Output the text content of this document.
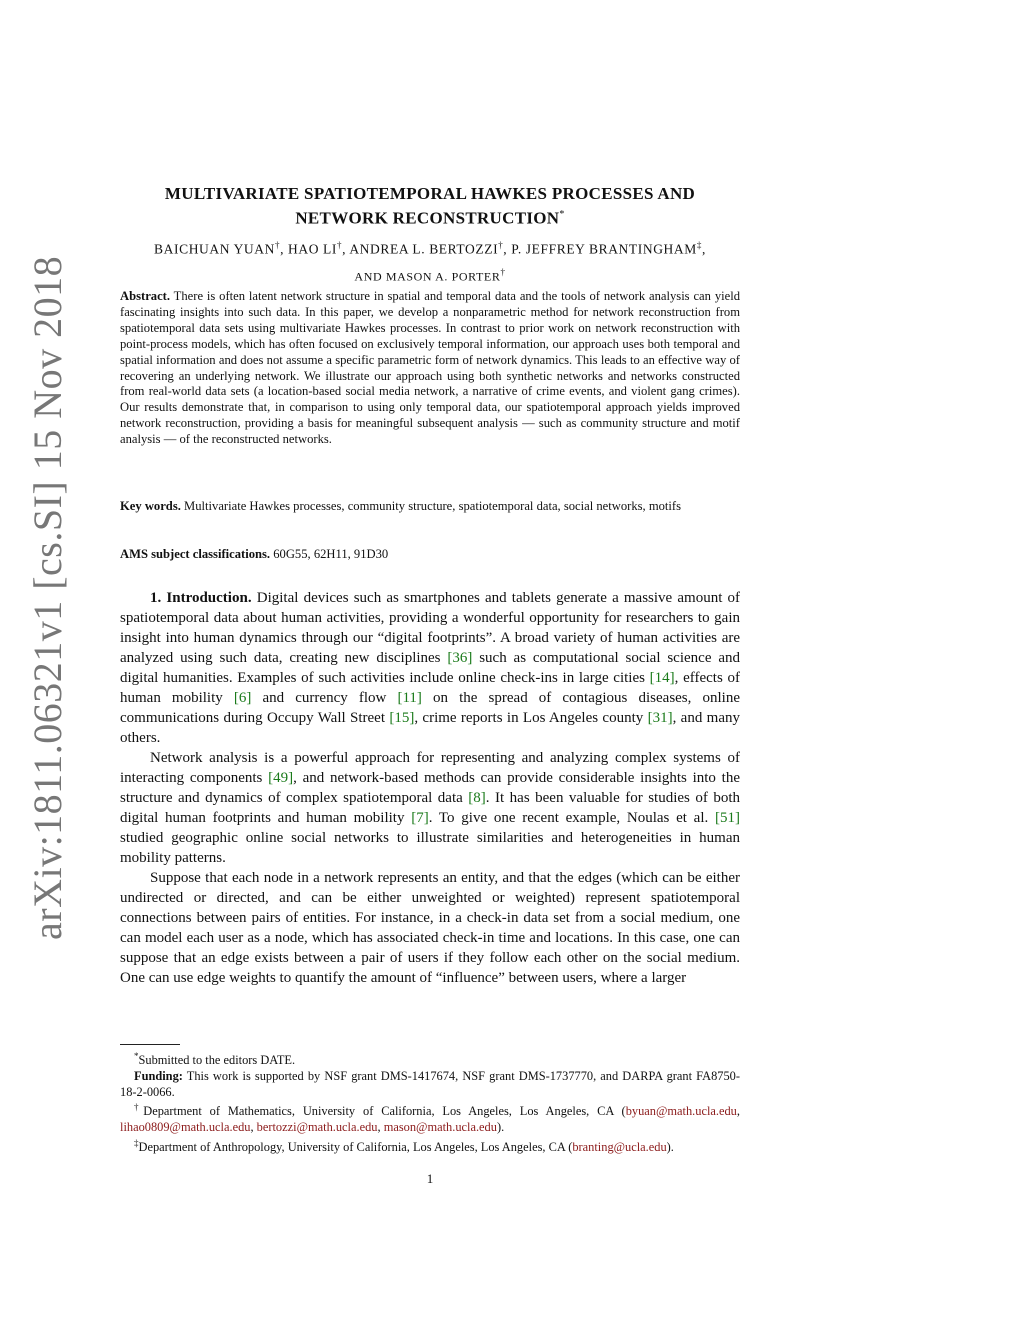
arXiv:1811.06321v1 [cs.SI] 15 Nov 2018
MULTIVARIATE SPATIOTEMPORAL HAWKES PROCESSES AND
NETWORK RECONSTRUCTION*
BAICHUAN YUAN†, HAO LI†, ANDREA L. BERTOZZI†, P. JEFFREY BRANTINGHAM‡,
AND MASON A. PORTER†
Abstract. There is often latent network structure in spatial and temporal data and the tools of network analysis can yield fascinating insights into such data. In this paper, we develop a nonparametric method for network reconstruction from spatiotemporal data sets using multivariate Hawkes processes. In contrast to prior work on network reconstruction with point-process models, which has often focused on exclusively temporal information, our approach uses both temporal and spatial information and does not assume a specific parametric form of network dynamics. This leads to an effective way of recovering an underlying network. We illustrate our approach using both synthetic networks and networks constructed from real-world data sets (a location-based social media network, a narrative of crime events, and violent gang crimes). Our results demonstrate that, in comparison to using only temporal data, our spatiotemporal approach yields improved network reconstruction, providing a basis for meaningful subsequent analysis — such as community structure and motif analysis — of the reconstructed networks.
Key words. Multivariate Hawkes processes, community structure, spatiotemporal data, social networks, motifs
AMS subject classifications. 60G55, 62H11, 91D30

1. Introduction. Digital devices such as smartphones and tablets generate a massive amount of spatiotemporal data about human activities, providing a wonderful opportunity for researchers to gain insight into human dynamics through our “digital footprints”. A broad variety of human activities are analyzed using such data, creating new disciplines [36] such as computational social science and digital humanities. Examples of such activities include online check-ins in large cities [14], effects of human mobility [6] and currency flow [11] on the spread of contagious diseases, online communications during Occupy Wall Street [15], crime reports in Los Angeles county [31], and many others.

Network analysis is a powerful approach for representing and analyzing complex systems of interacting components [49], and network-based methods can provide considerable insights into the structure and dynamics of complex spatiotemporal data [8]. It has been valuable for studies of both digital human footprints and human mobility [7]. To give one recent example, Noulas et al. [51] studied geographic online social networks to illustrate similarities and heterogeneities in human mobility patterns.

Suppose that each node in a network represents an entity, and that the edges (which can be either undirected or directed, and can be either unweighted or weighted) represent spatiotemporal connections between pairs of entities. For instance, in a check-in data set from a social medium, one can model each user as a node, which has associated check-in time and locations. In this case, one can suppose that an edge exists between a pair of users if they follow each other on the social medium. One can use edge weights to quantify the amount of “influence” between users, where a larger

*Submitted to the editors DATE.

Funding: This work is supported by NSF grant DMS-1417674, NSF grant DMS-1737770, and DARPA grant FA8750-18-2-0066.

†Department of Mathematics, University of California, Los Angeles, Los Angeles, CA (byuan@math.ucla.edu, lihao0809@math.ucla.edu, bertozzi@math.ucla.edu, mason@math.ucla.edu).

‡Department of Anthropology, University of California, Los Angeles, Los Angeles, CA (branting@ucla.edu).

1
